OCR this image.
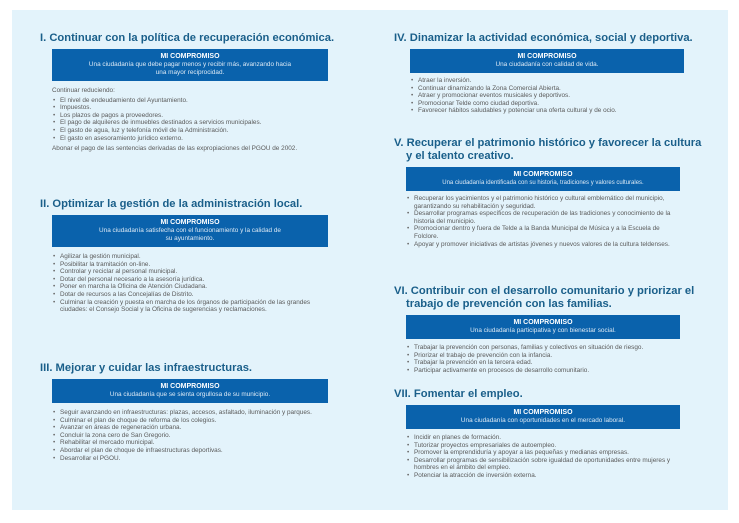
I. Continuar con la política de recuperación económica.
MI COMPROMISO
Una ciudadanía que debe pagar menos y recibir más, avanzando hacia una mayor reciprocidad.
Continuar reduciendo:
• El nivel de endeudamiento del Ayuntamiento.
• Impuestos.
• Los plazos de pagos a proveedores.
• El pago de alquileres de inmuebles destinados a servicios municipales.
• El gasto de agua, luz y telefonía móvil de la Administración.
• El gasto en asesoramiento jurídico externo.
Abonar el pago de las sentencias derivadas de las expropiaciones del PGOU de 2002.
II. Optimizar la gestión de la administración local.
MI COMPROMISO
Una ciudadanía satisfecha con el funcionamiento y la calidad de su ayuntamiento.
• Agilizar la gestión municipal.
• Posibilitar la tramitación on-line.
• Controlar y reciclar al personal municipal.
• Dotar del personal necesario a la asesoría jurídica.
• Poner en marcha la Oficina de Atención Ciudadana.
• Dotar de recursos a las Concejalías de Distrito.
• Culminar la creación y puesta en marcha de los órganos de participación de las grandes ciudades: el Consejo Social y la Oficina de sugerencias y reclamaciones.
III. Mejorar y cuidar las infraestructuras.
MI COMPROMISO
Una ciudadanía que se sienta orgullosa de su municipio.
• Seguir avanzando en infraestructuras: plazas, accesos, asfaltado, iluminación y parques.
• Culminar el plan de choque de reforma de los colegios.
• Avanzar en áreas de regeneración urbana.
• Concluir la zona cero de San Gregorio.
• Rehabilitar el mercado municipal.
• Abordar el plan de choque de infraestructuras deportivas.
• Desarrollar el PGOU.
IV. Dinamizar la actividad económica, social y deportiva.
MI COMPROMISO
Una ciudadanía con calidad de vida.
• Atraer la inversión.
• Continuar dinamizando la Zona Comercial Abierta.
• Atraer y promocionar eventos musicales y deportivos.
• Promocionar Telde como ciudad deportiva.
• Favorecer hábitos saludables y potenciar una oferta cultural y de ocio.
V. Recuperar el patrimonio histórico y favorecer la cultura y el talento creativo.
MI COMPROMISO
Una ciudadanía identificada con su historia, tradiciones y valores culturales.
• Recuperar los yacimientos y el patrimonio histórico y cultural emblemático del municipio, garantizando su rehabilitación y seguridad.
• Desarrollar programas específicos de recuperación de las tradiciones y conocimiento de la historia del municipio.
• Promocionar dentro y fuera de Telde a la Banda Municipal de Música y a la Escuela de Folclore.
• Apoyar y promover iniciativas de artistas jóvenes y nuevos valores de la cultura teldenses.
VI. Contribuir con el desarrollo comunitario y priorizar el trabajo de prevención con las familias.
MI COMPROMISO
Una ciudadanía participativa y con bienestar social.
• Trabajar la prevención con personas, familias y colectivos en situación de riesgo.
• Priorizar el trabajo de prevención con la infancia.
• Trabajar la prevención en la tercera edad.
• Participar activamente en procesos de desarrollo comunitario.
VII. Fomentar el empleo.
MI COMPROMISO
Una ciudadanía con oportunidades en el mercado laboral.
• Incidir en planes de formación.
• Tutorizar proyectos empresariales de autoempleo.
• Promover la emprendiduría y apoyar a las pequeñas y medianas empresas.
• Desarrollar programas de sensibilización sobre igualdad de oportunidades entre mujeres y hombres en el ámbito del empleo.
• Potenciar la atracción de inversión externa.
